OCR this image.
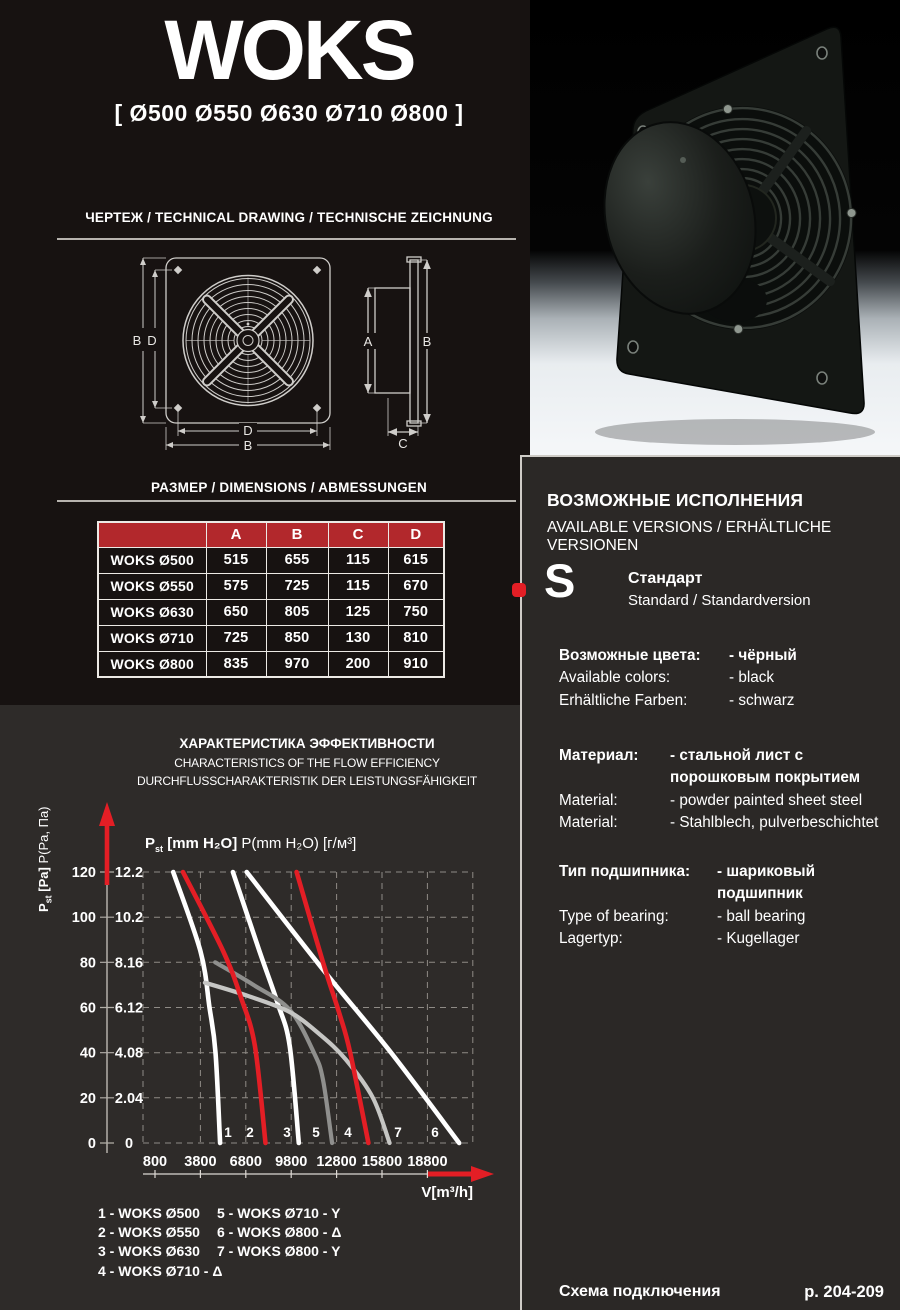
WOKS
[ Ø500 Ø550 Ø630 Ø710 Ø800 ]
ЧЕРТЕЖ / TECHNICAL DRAWING / TECHNISCHE ZEICHNUNG
B D
D
B
A	B
C
РАЗМЕР / DIMENSIONS / ABMESSUNGEN
	A	B	C	D
WOKS Ø500	515	655	115	615
WOKS Ø550	575	725	115	670
WOKS Ø630	650	805	125	750
WOKS Ø710	725	850	130	810
WOKS Ø800	835	970	200	910
ХАРАКТЕРИСТИКА ЭФФЕКТИВНОСТИ
CHARACTERISTICS OF THE FLOW EFFICIENCY
DURCHFLUSSCHARAKTERISTIK DER LEISTUNGSFÄHIGKEIT
$P_{st}$ [Pa] P(Pa, Па)	$P_{st}$ [mm H₂O] P(mm H₂O) [г/м³]
120
100
80
60
40
20
0
12.2
10.2
8.16
6.12
4.08
2.04
0
800 3800 6800 9800 12800 15800 18800
V[m³/h]
1 2 3 5 4	7 6
1 - WOKS Ø500
2 - WOKS Ø550
3 - WOKS Ø630
4 - WOKS Ø710 - Δ
5 - WOKS Ø710 - Y
6 - WOKS Ø800 - Δ
7 - WOKS Ø800 - Y
ВОЗМОЖНЫЕ ИСПОЛНЕНИЯ
AVAILABLE VERSIONS / ERHÄLTLICHE VERSIONEN
S	Стандарт
Standard / Standardversion
Возможные цвета:	- чёрный
Available colors:	- black
Erhältliche Farben:	- schwarz
Материал:	- стальной лист с порошковым покрытием
Material:	- powder painted sheet steel
Material:	- Stahlblech, pulverbeschichtet
Тип подшипника:	- шариковый подшипник
Type of bearing:	- ball bearing
Lagertyp:	- Kugellager
Схема подключения	p. 204-209
